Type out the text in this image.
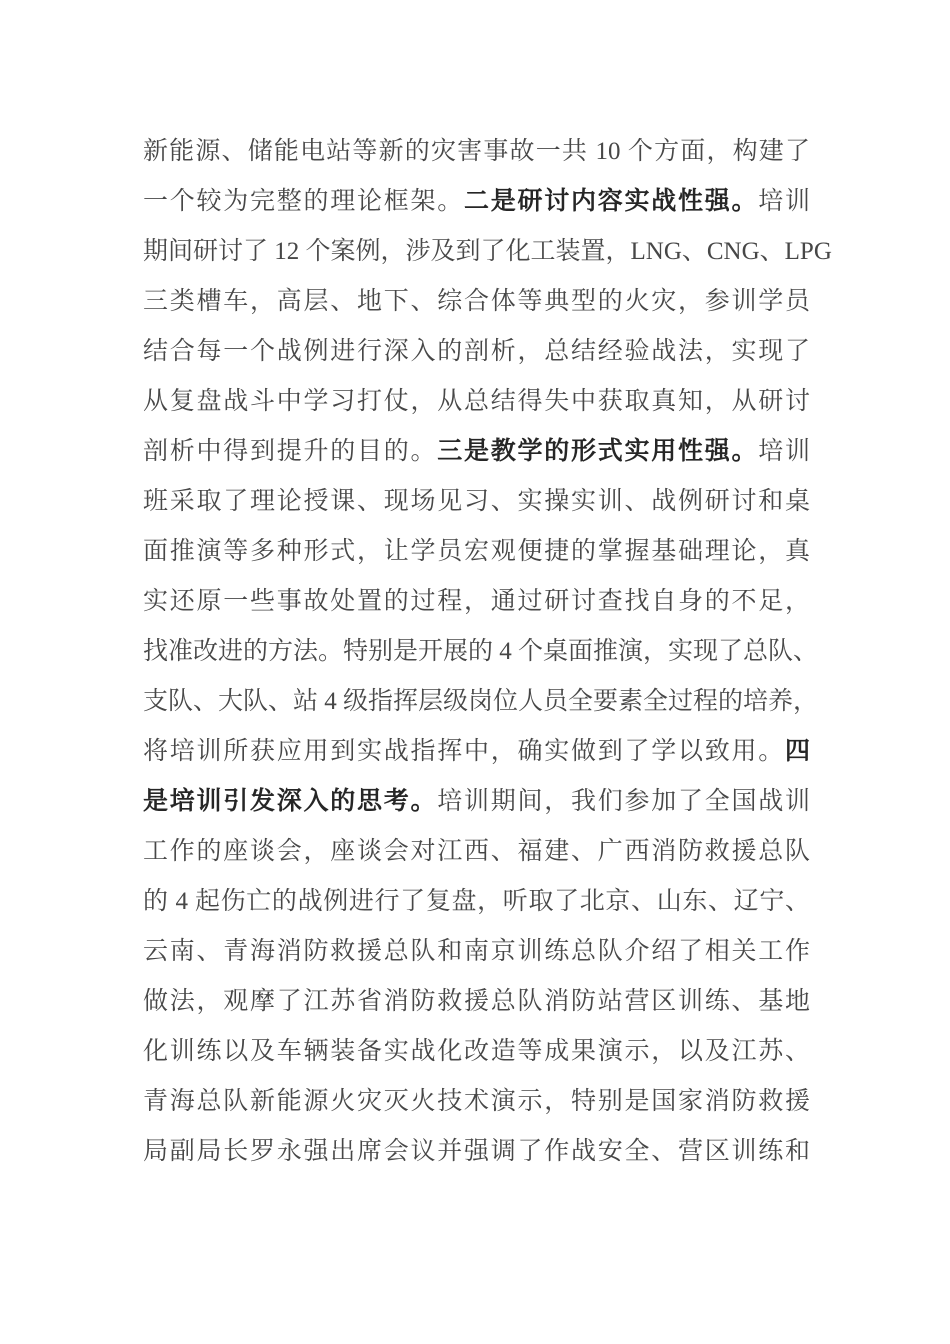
新能源、储能电站等新的灾害事故一共 10 个方面，构建了
一个较为完整的理论框架。二是研讨内容实战性强。培训
期间研讨了 12 个案例，涉及到了化工装置，LNG、CNG、LPG
三类槽车，高层、地下、综合体等典型的火灾，参训学员
结合每一个战例进行深入的剖析，总结经验战法，实现了
从复盘战斗中学习打仗，从总结得失中获取真知，从研讨
剖析中得到提升的目的。三是教学的形式实用性强。培训
班采取了理论授课、现场见习、实操实训、战例研讨和桌
面推演等多种形式，让学员宏观便捷的掌握基础理论，真
实还原一些事故处置的过程，通过研讨查找自身的不足，
找准改进的方法。特别是开展的 4 个桌面推演，实现了总队、
支队、大队、站 4 级指挥层级岗位人员全要素全过程的培养，
将培训所获应用到实战指挥中，确实做到了学以致用。四
是培训引发深入的思考。培训期间，我们参加了全国战训
工作的座谈会，座谈会对江西、福建、广西消防救援总队
的 4 起伤亡的战例进行了复盘，听取了北京、山东、辽宁、
云南、青海消防救援总队和南京训练总队介绍了相关工作
做法，观摩了江苏省消防救援总队消防站营区训练、基地
化训练以及车辆装备实战化改造等成果演示，以及江苏、
青海总队新能源火灾灭火技术演示，特别是国家消防救援
局副局长罗永强出席会议并强调了作战安全、营区训练和
